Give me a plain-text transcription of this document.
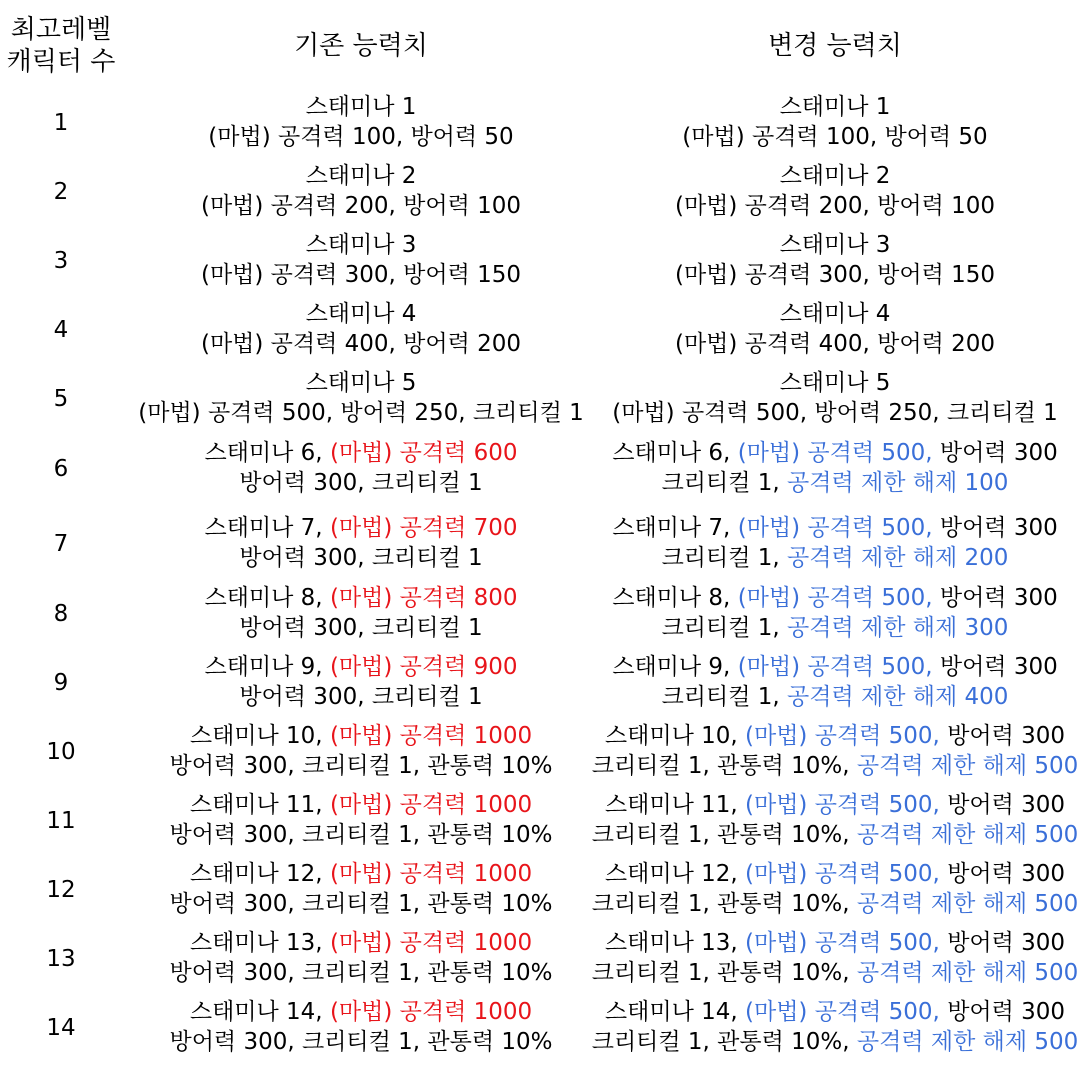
최고레벨
캐릭터 수
기존 능력치	변경 능력치
1
스태미나 1
(마법) 공격력 100, 방어력 50
스태미나 1
(마법) 공격력 100, 방어력 50
2
스태미나 2
(마법) 공격력 200, 방어력 100
스태미나 2
(마법) 공격력 200, 방어력 100
3
스태미나 3
(마법) 공격력 300, 방어력 150
스태미나 3
(마법) 공격력 300, 방어력 150
4
스태미나 4
(마법) 공격력 400, 방어력 200
스태미나 4
(마법) 공격력 400, 방어력 200
5
스태미나 5
(마법) 공격력 500, 방어력 250, 크리티컬 1
스태미나 5
(마법) 공격력 500, 방어력 250, 크리티컬 1
6
스태미나 6, (마법) 공격력 600
방어력 300, 크리티컬 1
스태미나 6, (마법) 공격력 500, 방어력 300
크리티컬 1, 공격력 제한 해제 100
7
스태미나 7, (마법) 공격력 700
방어력 300, 크리티컬 1
스태미나 7, (마법) 공격력 500, 방어력 300
크리티컬 1, 공격력 제한 해제 200
8
스태미나 8, (마법) 공격력 800
방어력 300, 크리티컬 1
스태미나 8, (마법) 공격력 500, 방어력 300
크리티컬 1, 공격력 제한 해제 300
9
스태미나 9, (마법) 공격력 900
방어력 300, 크리티컬 1
스태미나 9, (마법) 공격력 500, 방어력 300
크리티컬 1, 공격력 제한 해제 400
10
스태미나 10, (마법) 공격력 1000
방어력 300, 크리티컬 1, 관통력 10%
스태미나 10, (마법) 공격력 500, 방어력 300
크리티컬 1, 관통력 10%, 공격력 제한 해제 500
11
스태미나 11, (마법) 공격력 1000
방어력 300, 크리티컬 1, 관통력 10%
스태미나 11, (마법) 공격력 500, 방어력 300
크리티컬 1, 관통력 10%, 공격력 제한 해제 500
12
스태미나 12, (마법) 공격력 1000
방어력 300, 크리티컬 1, 관통력 10%
스태미나 12, (마법) 공격력 500, 방어력 300
크리티컬 1, 관통력 10%, 공격력 제한 해제 500
13
스태미나 13, (마법) 공격력 1000
방어력 300, 크리티컬 1, 관통력 10%
스태미나 13, (마법) 공격력 500, 방어력 300
크리티컬 1, 관통력 10%, 공격력 제한 해제 500
14
스태미나 14, (마법) 공격력 1000
방어력 300, 크리티컬 1, 관통력 10%
스태미나 14, (마법) 공격력 500, 방어력 300
크리티컬 1, 관통력 10%, 공격력 제한 해제 500
